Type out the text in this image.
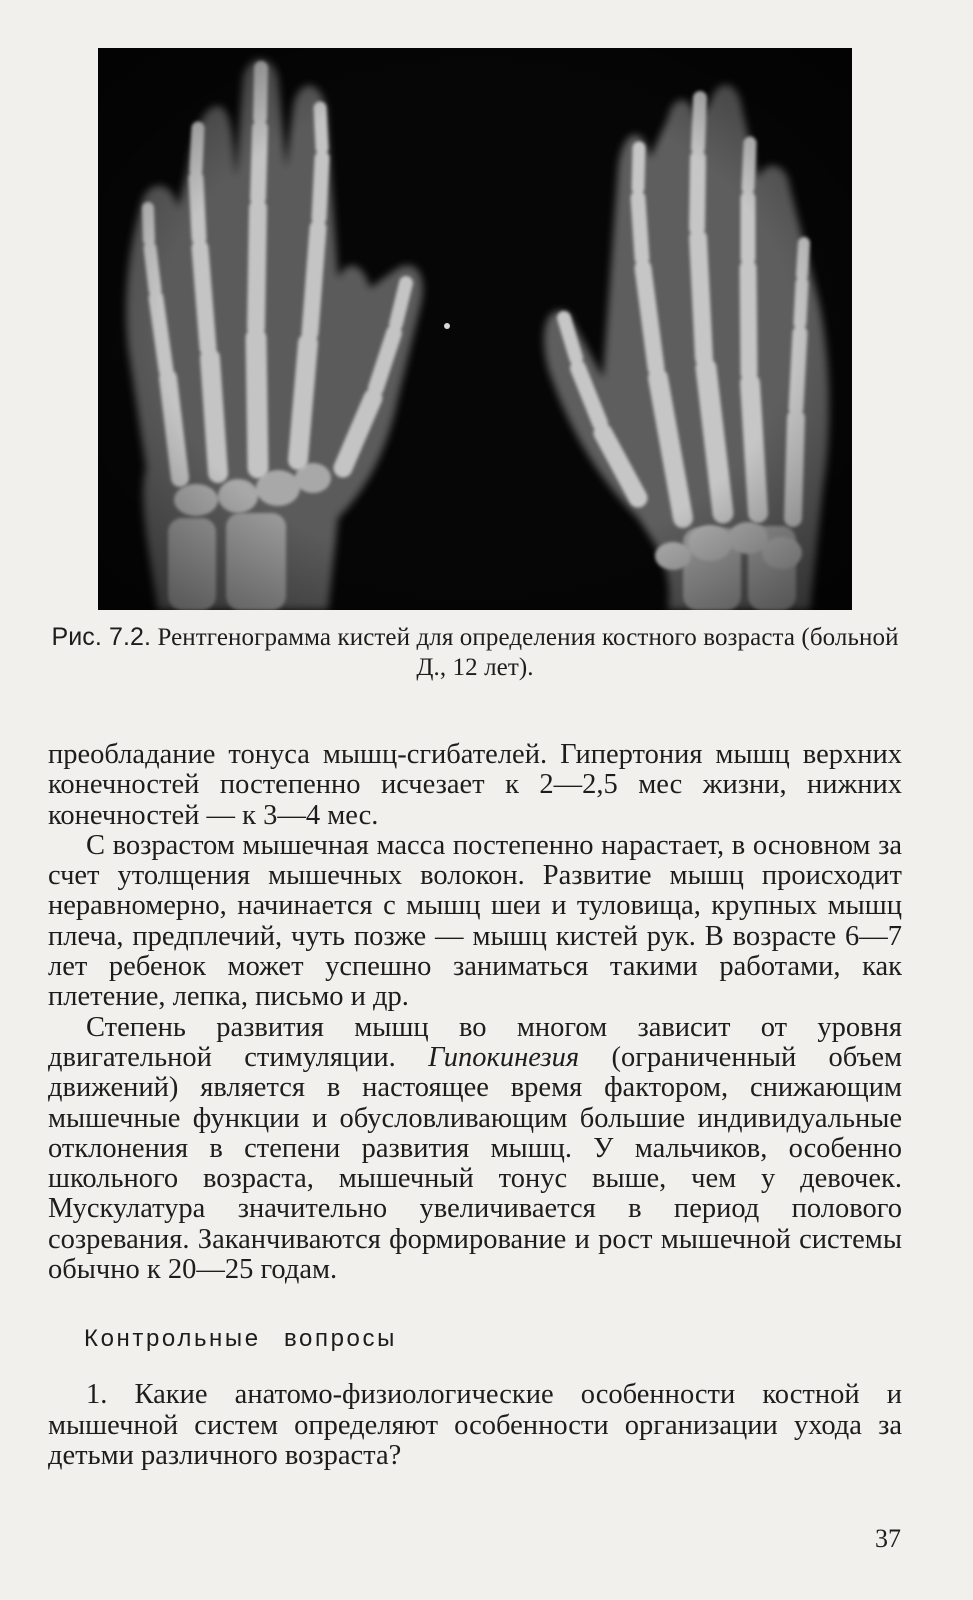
Рис. 7.2. Рентгенограмма кистей для определения костного возраста (больной Д., 12 лет).

преобладание тонуса мышц-сгибателей. Гипертония мышц верхних конечностей постепенно исчезает к 2—2,5 мес жизни, нижних конечностей — к 3—4 мес.

С возрастом мышечная масса постепенно нарастает, в основном за счет утолщения мышечных волокон. Развитие мышц происходит неравномерно, начинается с мышц шеи и туловища, крупных мышц плеча, предплечий, чуть позже — мышц кистей рук. В возрасте 6—7 лет ребенок может успешно заниматься такими работами, как плетение, лепка, письмо и др.

Степень развития мышц во многом зависит от уровня двигательной стимуляции. Гипокинезия (ограниченный объем движений) является в настоящее время фактором, снижающим мышечные функции и обусловливающим большие индивидуальные отклонения в степени развития мышц. У мальчиков, особенно школьного возраста, мышечный тонус выше, чем у девочек. Мускулатура значительно увеличивается в период полового созревания. Заканчиваются формирование и рост мышечной системы обычно к 20—25 годам.

Контрольные вопросы
1. Какие анатомо-физиологические особенности костной и мышечной систем определяют особенности организации ухода за детьми различного возраста?
37
